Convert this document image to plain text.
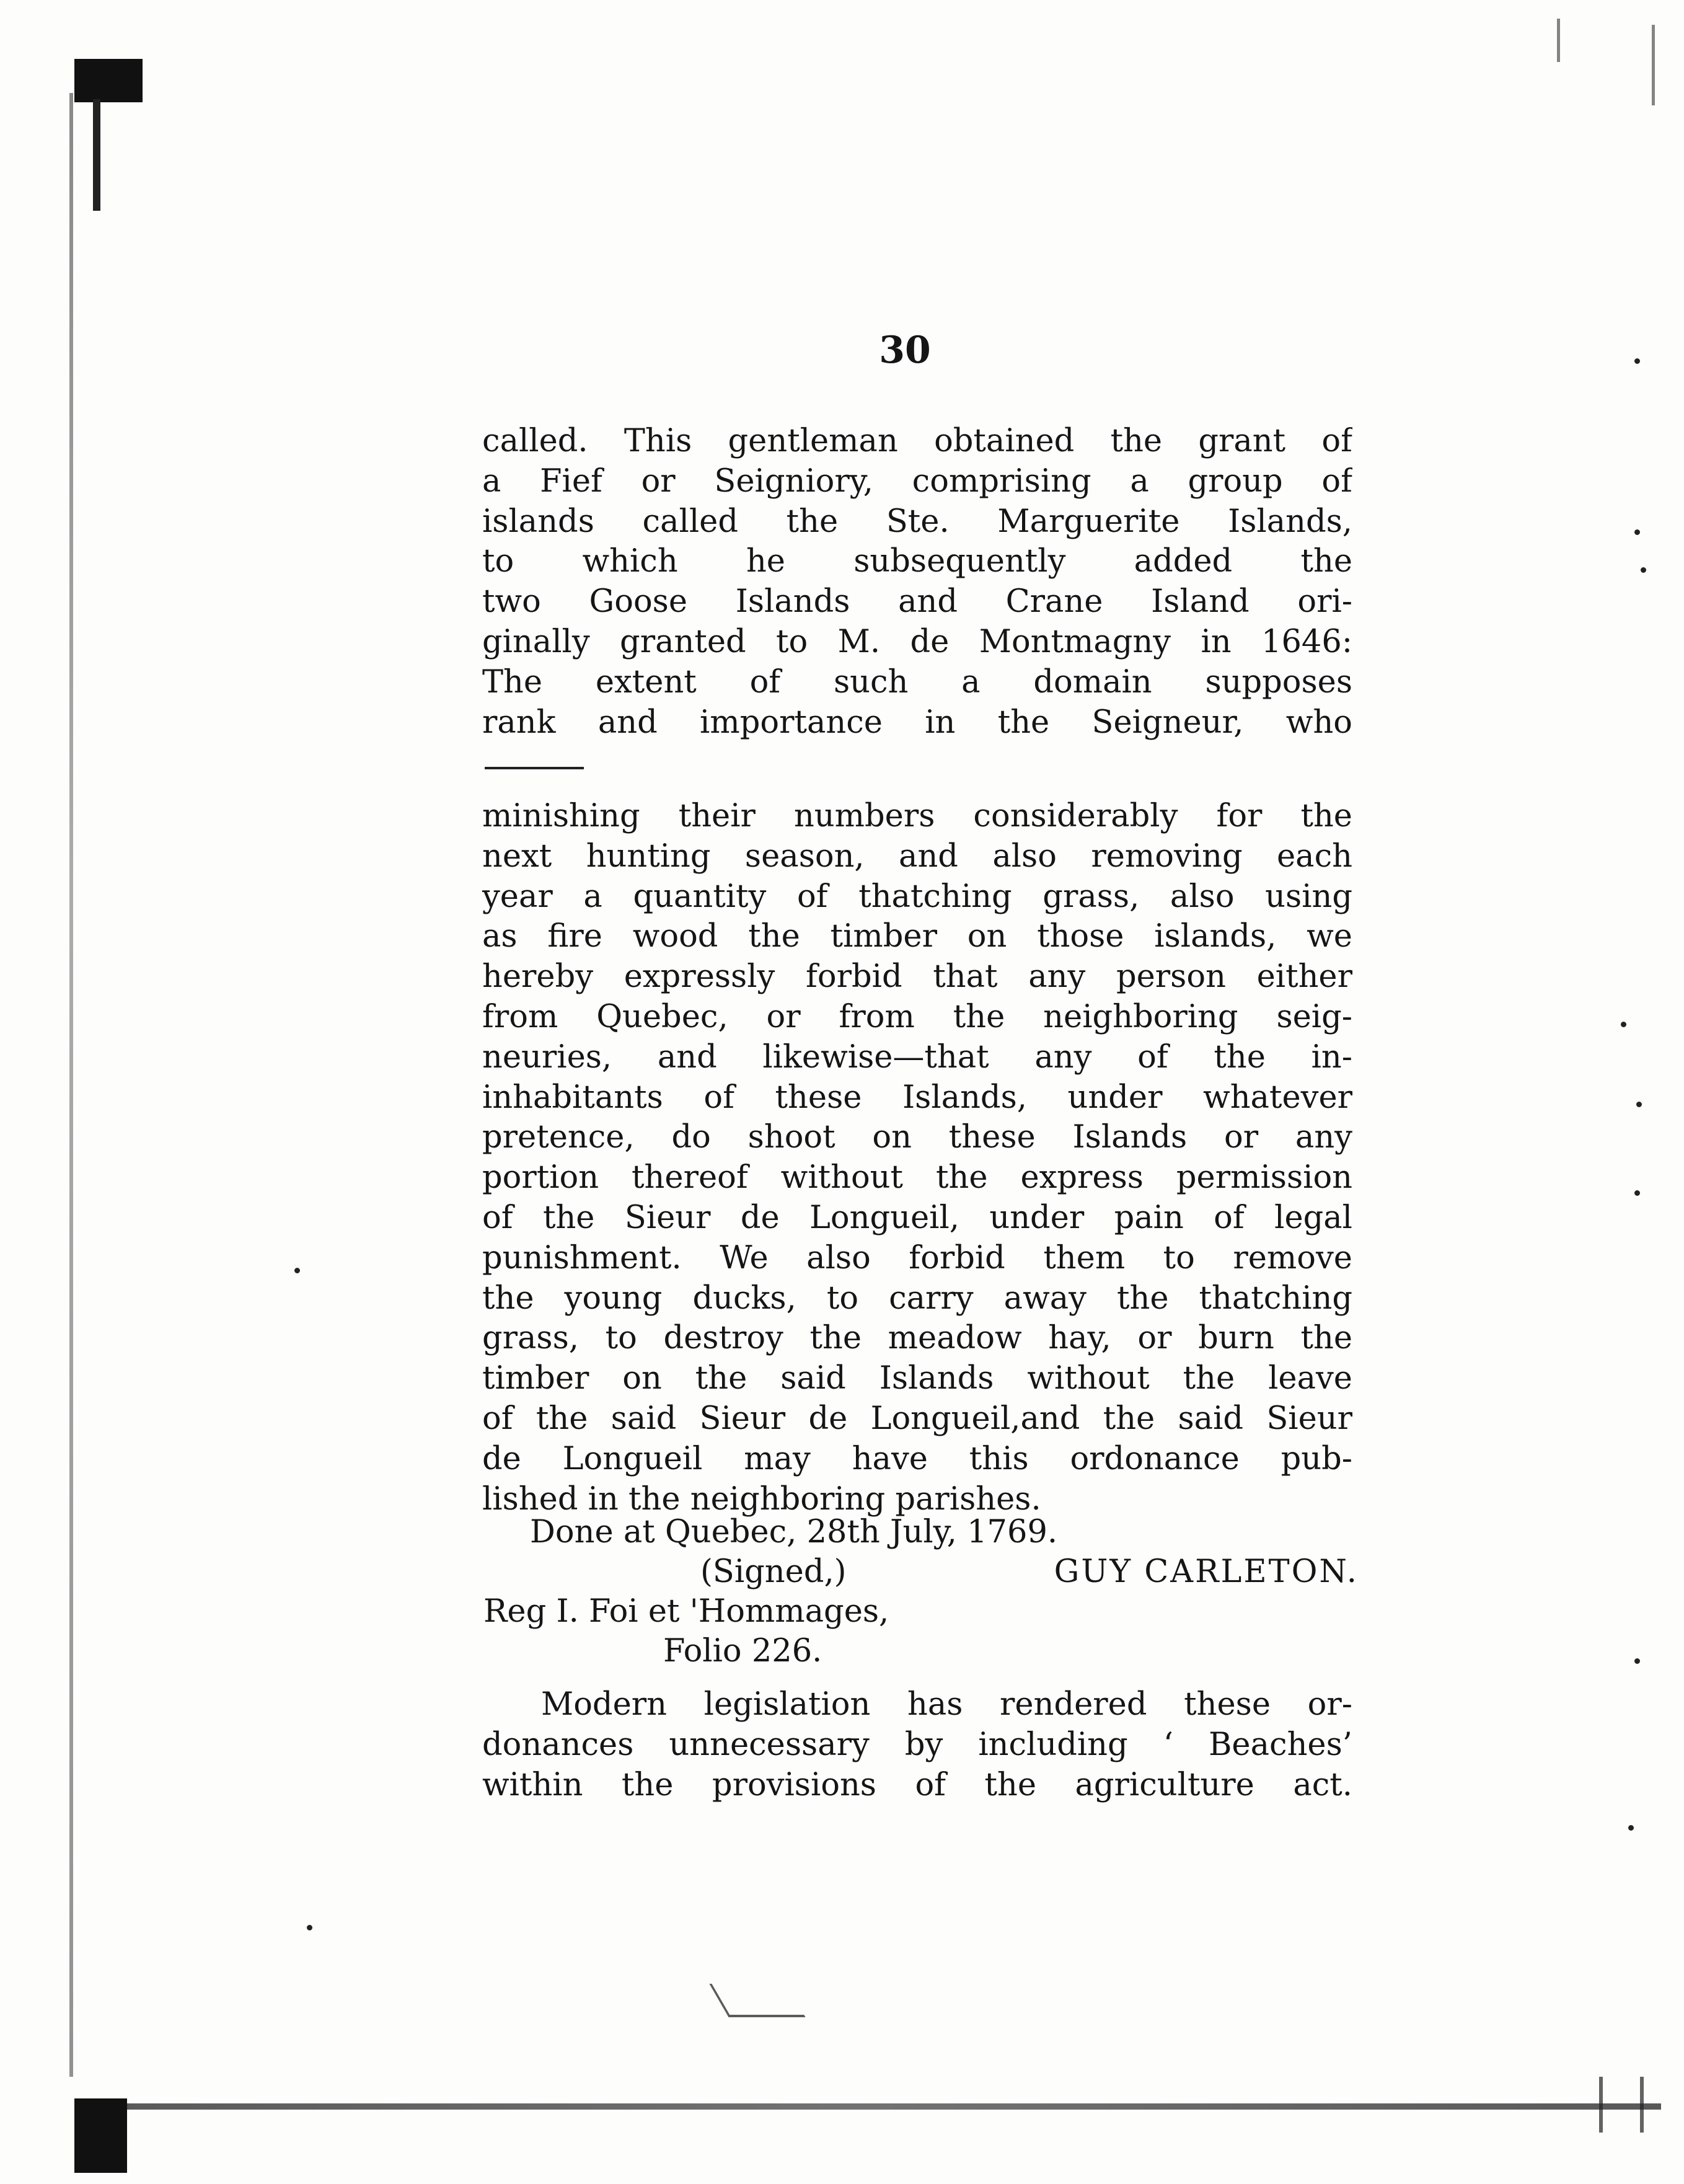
30
called. This gentleman obtained the grant of
a Fief or Seigniory, comprising a group of
islands called the Ste. Marguerite Islands,
to which he subsequently added the
two Goose Islands and Crane Island ori-
ginally granted to M. de Montmagny in 1646:
The extent of such a domain supposes
rank and importance in the Seigneur, who
minishing their numbers considerably for the
next hunting season, and also removing each
year a quantity of thatching grass, also using
as fire wood the timber on those islands, we
hereby expressly forbid that any person either
from Quebec, or from the neighboring seig-
neuries, and likewise—that any of the in-
inhabitants of these Islands, under whatever
pretence, do shoot on these Islands or any
portion thereof without the express permission
of the Sieur de Longueil, under pain of legal
punishment. We also forbid them to remove
the young ducks, to carry away the thatching
grass, to destroy the meadow hay, or burn the
timber on the said Islands without the leave
of the said Sieur de Longueil,and the said Sieur
de Longueil may have this ordonance pub-
lished in the neighboring parishes.
Done at Quebec, 28th July, 1769.
(Signed,)	GUY CARLETON.
Reg I. Foi et 'Hommages,
Folio 226.
Modern legislation has rendered these or-
donances unnecessary by including ‘ Beaches’
within the provisions of the agriculture act.
